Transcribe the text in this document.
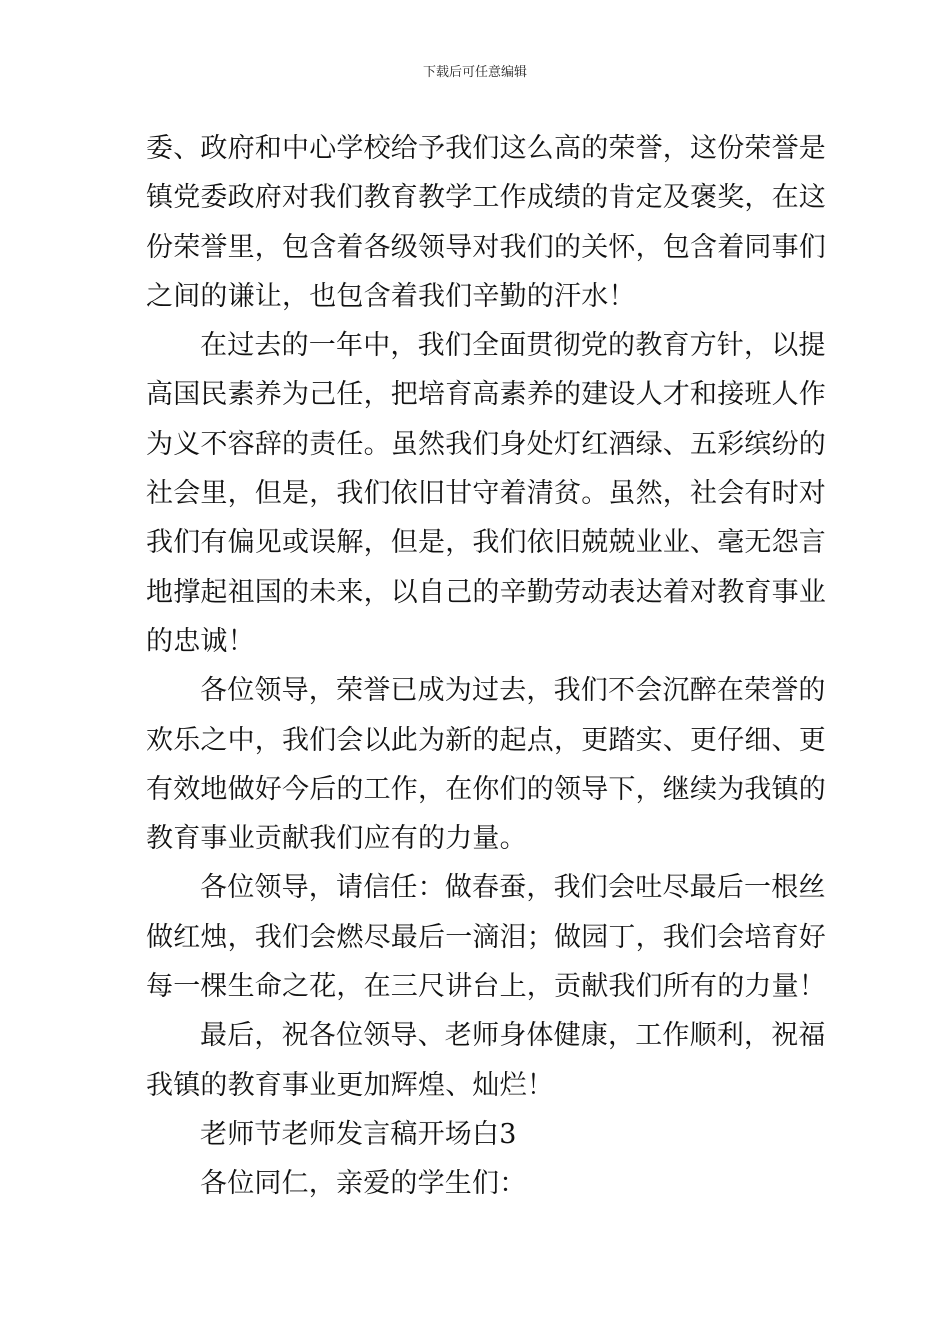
下载后可任意编辑

委、政府和中心学校给予我们这么高的荣誉，这份荣誉是
镇党委政府对我们教育教学工作成绩的肯定及褒奖，在这
份荣誉里，包含着各级领导对我们的关怀，包含着同事们
之间的谦让，也包含着我们辛勤的汗水！

在过去的一年中，我们全面贯彻党的教育方针，以提
高国民素养为己任，把培育高素养的建设人才和接班人作
为义不容辞的责任。虽然我们身处灯红酒绿、五彩缤纷的
社会里，但是，我们依旧甘守着清贫。虽然，社会有时对
我们有偏见或误解，但是，我们依旧兢兢业业、毫无怨言
地撑起祖国的未来，以自己的辛勤劳动表达着对教育事业
的忠诚！

各位领导，荣誉已成为过去，我们不会沉醉在荣誉的
欢乐之中，我们会以此为新的起点，更踏实、更仔细、更
有效地做好今后的工作，在你们的领导下，继续为我镇的
教育事业贡献我们应有的力量。

各位领导，请信任：做春蚕，我们会吐尽最后一根丝
做红烛，我们会燃尽最后一滴泪；做园丁，我们会培育好
每一棵生命之花，在三尺讲台上，贡献我们所有的力量！

最后，祝各位领导、老师身体健康，工作顺利，祝福
我镇的教育事业更加辉煌、灿烂！

老师节老师发言稿开场白3

各位同仁，亲爱的学生们：
